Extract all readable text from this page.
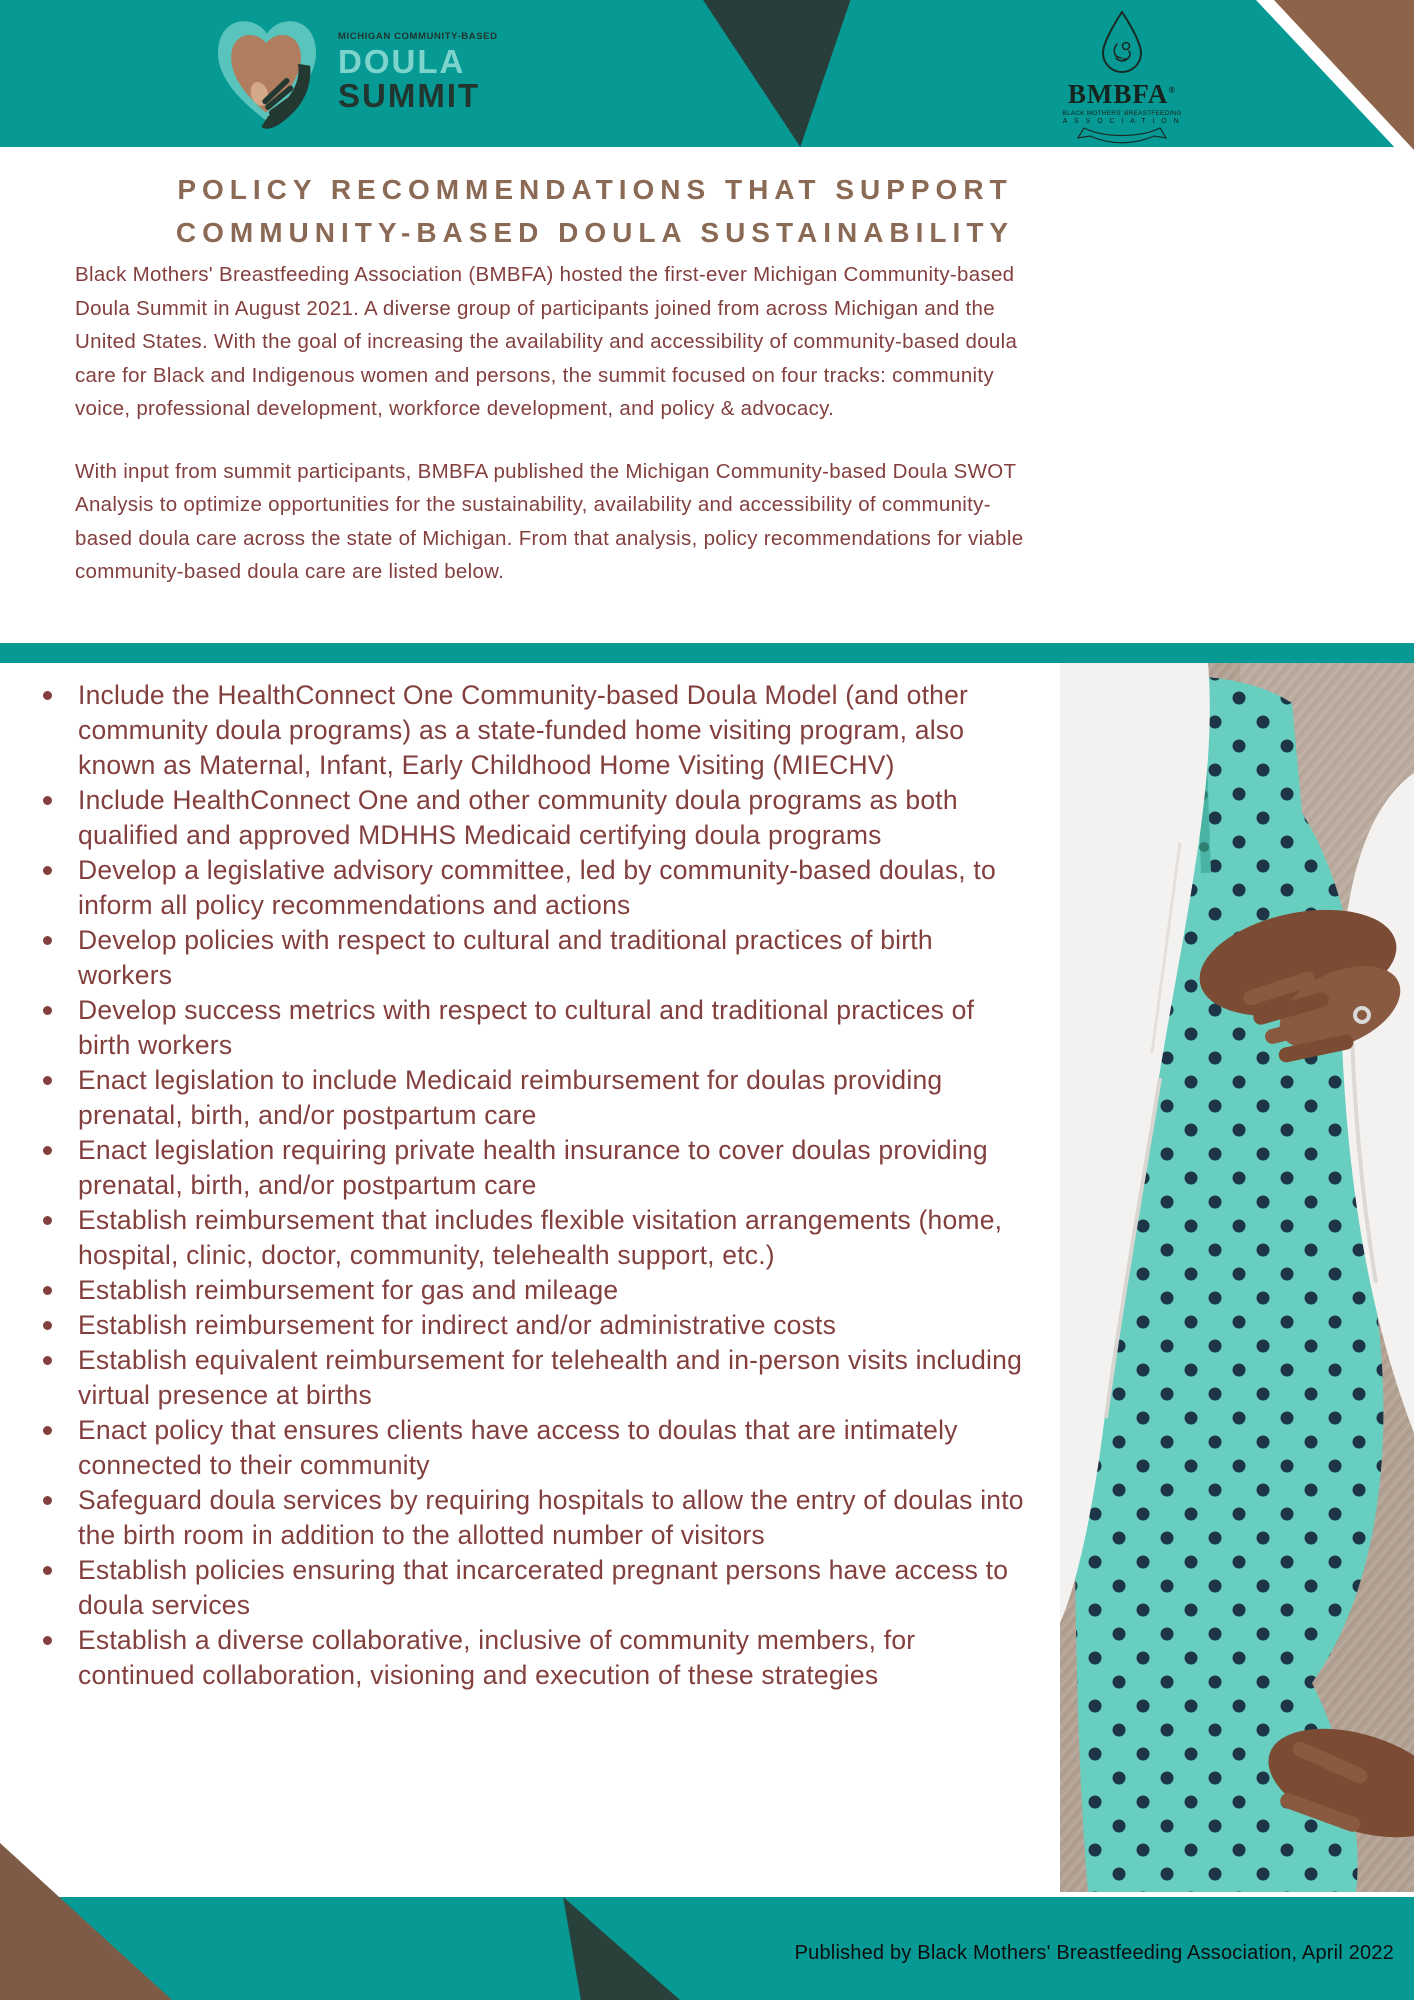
MICHIGAN COMMUNITY-BASED
DOULA
SUMMIT	BMBFA®
BLACK MOTHERS' BREASTFEEDING
A S S O C I A T I O N
POLICY RECOMMENDATIONS THAT SUPPORT
COMMUNITY-BASED DOULA SUSTAINABILITY

Black Mothers' Breastfeeding Association (BMBFA) hosted the first-ever Michigan Community-based Doula Summit in August 2021. A diverse group of participants joined from across Michigan and the United States. With the goal of increasing the availability and accessibility of community-based doula care for Black and Indigenous women and persons, the summit focused on four tracks: community voice, professional development, workforce development, and policy & advocacy.

With input from summit participants, BMBFA published the Michigan Community-based Doula SWOT Analysis to optimize opportunities for the sustainability, availability and accessibility of community-based doula care across the state of Michigan. From that analysis, policy recommendations for viable community-based doula care are listed below.

Include the HealthConnect One Community-based Doula Model (and other community doula programs) as a state-funded home visiting program, also known as Maternal, Infant, Early Childhood Home Visiting (MIECHV)
Include HealthConnect One and other community doula programs as both qualified and approved MDHHS Medicaid certifying doula programs
Develop a legislative advisory committee, led by community-based doulas, to inform all policy recommendations and actions
Develop policies with respect to cultural and traditional practices of birth workers
Develop success metrics with respect to cultural and traditional practices of birth workers
Enact legislation to include Medicaid reimbursement for doulas providing prenatal, birth, and/or postpartum care
Enact legislation requiring private health insurance to cover doulas providing prenatal, birth, and/or postpartum care
Establish reimbursement that includes flexible visitation arrangements (home, hospital, clinic, doctor, community, telehealth support, etc.)
Establish reimbursement for gas and mileage
Establish reimbursement for indirect and/or administrative costs
Establish equivalent reimbursement for telehealth and in-person visits including virtual presence at births
Enact policy that ensures clients have access to doulas that are intimately connected to their community
Safeguard doula services by requiring hospitals to allow the entry of doulas into the birth room in addition to the allotted number of visitors
Establish policies ensuring that incarcerated pregnant persons have access to doula services
Establish a diverse collaborative, inclusive of community members, for continued collaboration, visioning and execution of these strategies
Published by Black Mothers' Breastfeeding Association, April 2022
